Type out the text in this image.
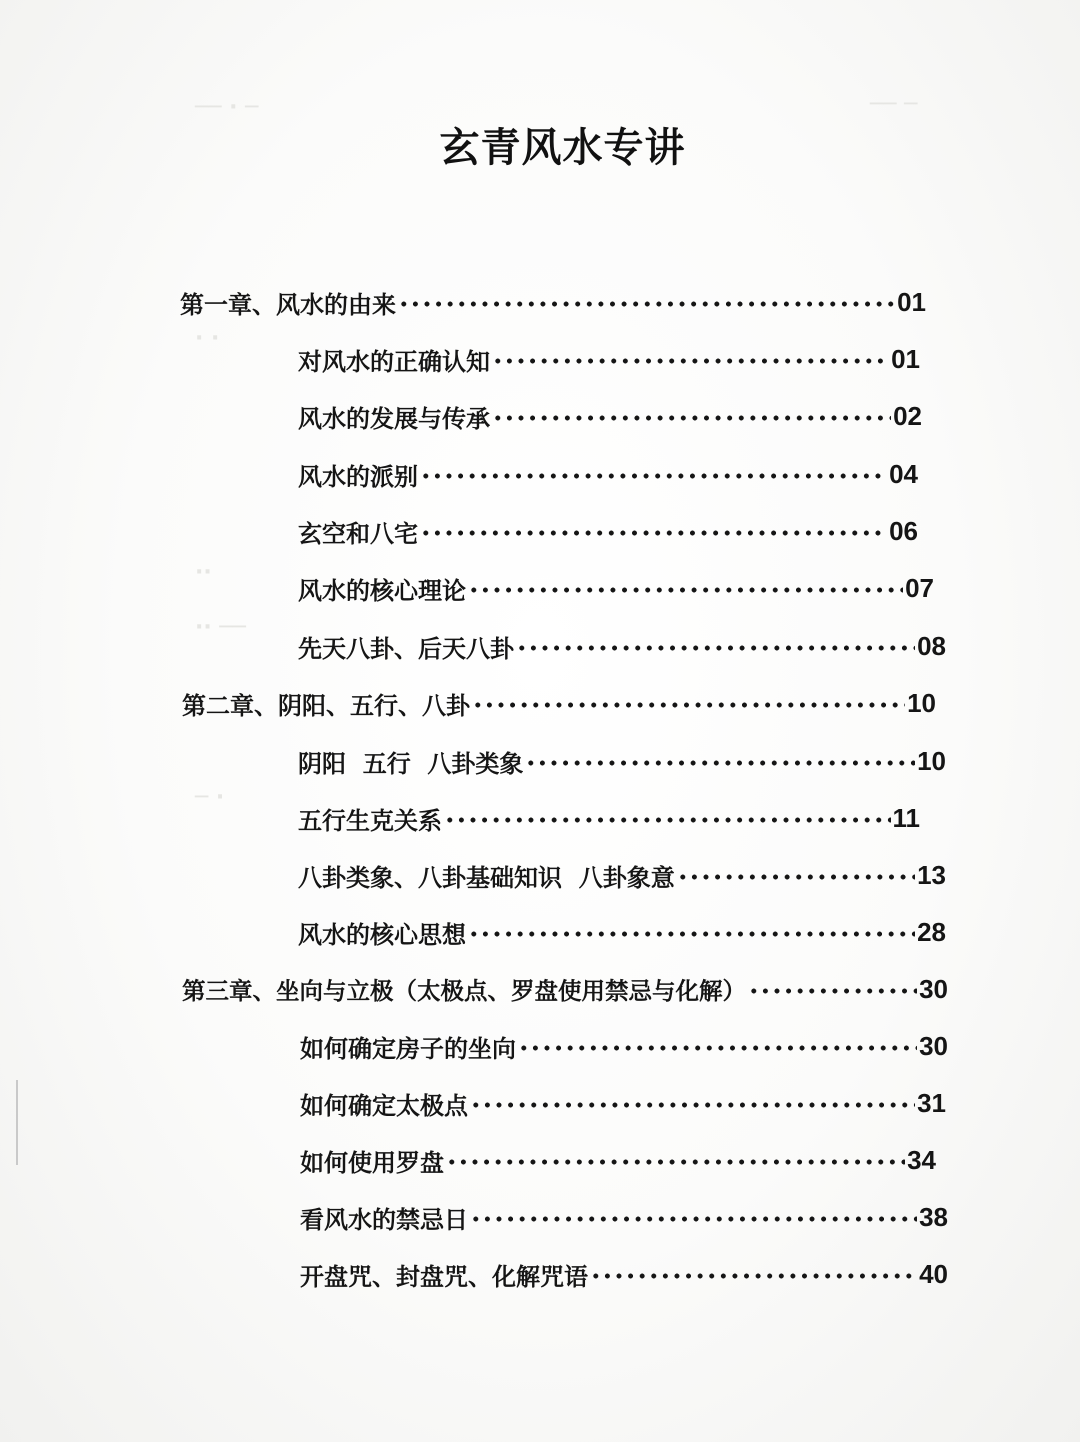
── · ─	── ─
· ·
··
·· ──
─ ·
玄青风水专讲
第一章、风水的由来	01
对风水的正确认知	01
风水的发展与传承	02
风水的派别	04
玄空和八宅	06
风水的核心理论	07
先天八卦、后天八卦	08
第二章、阴阳、五行、八卦	10
阴阳  五行  八卦类象	10
五行生克关系	11
八卦类象、八卦基础知识  八卦象意	13
风水的核心思想	28
第三章、坐向与立极（太极点、罗盘使用禁忌与化解）	30
如何确定房子的坐向	30
如何确定太极点	31
如何使用罗盘	34
看风水的禁忌日	38
开盘咒、封盘咒、化解咒语	40
